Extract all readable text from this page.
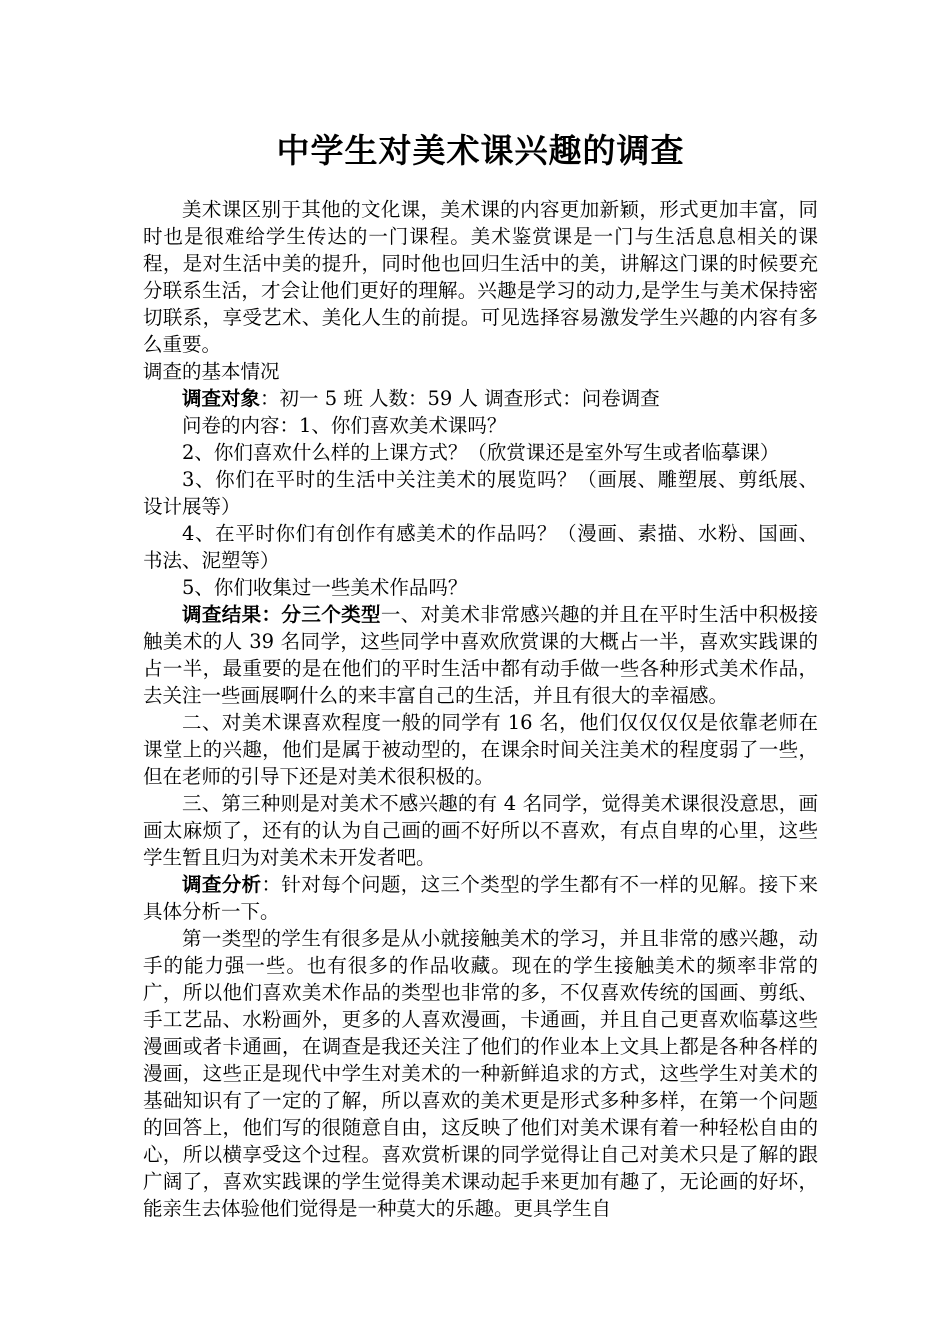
中学生对美术课兴趣的调查

美术课区别于其他的文化课，美术课的内容更加新颖，形式更加丰富，同时也是很难给学生传达的一门课程。美术鉴赏课是一门与生活息息相关的课程，是对生活中美的提升，同时他也回归生活中的美，讲解这门课的时候要充分联系生活，才会让他们更好的理解。兴趣是学习的动力,是学生与美术保持密切联系，享受艺术、美化人生的前提。可见选择容易激发学生兴趣的内容有多么重要。

调查的基本情况

调查对象：初一 5 班 人数：59 人 调查形式：问卷调查

问卷的内容：1、你们喜欢美术课吗？

2、你们喜欢什么样的上课方式？（欣赏课还是室外写生或者临摹课）

3、你们在平时的生活中关注美术的展览吗？（画展、雕塑展、剪纸展、设计展等）

4、在平时你们有创作有感美术的作品吗？（漫画、素描、水粉、国画、书法、泥塑等）

5、你们收集过一些美术作品吗？

调查结果：分三个类型一、对美术非常感兴趣的并且在平时生活中积极接触美术的人 39 名同学，这些同学中喜欢欣赏课的大概占一半，喜欢实践课的占一半，最重要的是在他们的平时生活中都有动手做一些各种形式美术作品，去关注一些画展啊什么的来丰富自己的生活，并且有很大的幸福感。

二、对美术课喜欢程度一般的同学有 16 名，他们仅仅仅仅是依靠老师在课堂上的兴趣，他们是属于被动型的，在课余时间关注美术的程度弱了一些，但在老师的引导下还是对美术很积极的。

三、第三种则是对美术不感兴趣的有 4 名同学，觉得美术课很没意思，画画太麻烦了，还有的认为自己画的画不好所以不喜欢，有点自卑的心里，这些学生暂且归为对美术未开发者吧。

调查分析：针对每个问题，这三个类型的学生都有不一样的见解。接下来具体分析一下。

第一类型的学生有很多是从小就接触美术的学习，并且非常的感兴趣，动手的能力强一些。也有很多的作品收藏。现在的学生接触美术的频率非常的广，所以他们喜欢美术作品的类型也非常的多，不仅喜欢传统的国画、剪纸、手工艺品、水粉画外，更多的人喜欢漫画，卡通画，并且自己更喜欢临摹这些漫画或者卡通画，在调查是我还关注了他们的作业本上文具上都是各种各样的漫画，这些正是现代中学生对美术的一种新鲜追求的方式，这些学生对美术的基础知识有了一定的了解，所以喜欢的美术更是形式多种多样，在第一个问题的回答上，他们写的很随意自由，这反映了他们对美术课有着一种轻松自由的心，所以横享受这个过程。喜欢赏析课的同学觉得让自己对美术只是了解的跟广阔了，喜欢实践课的学生觉得美术课动起手来更加有趣了，无论画的好坏，能亲生去体验他们觉得是一种莫大的乐趣。更具学生自
